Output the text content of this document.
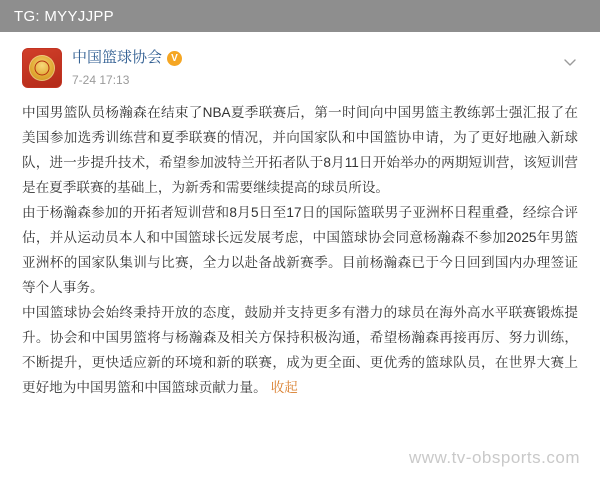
TG: MYYJJPP
中国篮球协会 V
7-24 17:13

中国男篮队员杨瀚森在结束了NBA夏季联赛后，第一时间向中国男篮主教练郭士强汇报了在美国参加选秀训练营和夏季联赛的情况，并向国家队和中国篮协申请，为了更好地融入新球队，进一步提升技术，希望参加波特兰开拓者队于8月11日开始举办的两期短训营，该短训营是在夏季联赛的基础上，为新秀和需要继续提高的球员所设。

由于杨瀚森参加的开拓者短训营和8月5日至17日的国际篮联男子亚洲杯日程重叠，经综合评估，并从运动员本人和中国篮球长远发展考虑，中国篮球协会同意杨瀚森不参加2025年男篮亚洲杯的国家队集训与比赛，全力以赴备战新赛季。目前杨瀚森已于今日回到国内办理签证等个人事务。

中国篮球协会始终秉持开放的态度，鼓励并支持更多有潜力的球员在海外高水平联赛锻炼提升。协会和中国男篮将与杨瀚森及相关方保持积极沟通，希望杨瀚森再接再厉、努力训练，不断提升，更快适应新的环境和新的联赛，成为更全面、更优秀的篮球队员，在世界大赛上更好地为中国男篮和中国篮球贡献力量。 收起

www.tv-obsports.com
